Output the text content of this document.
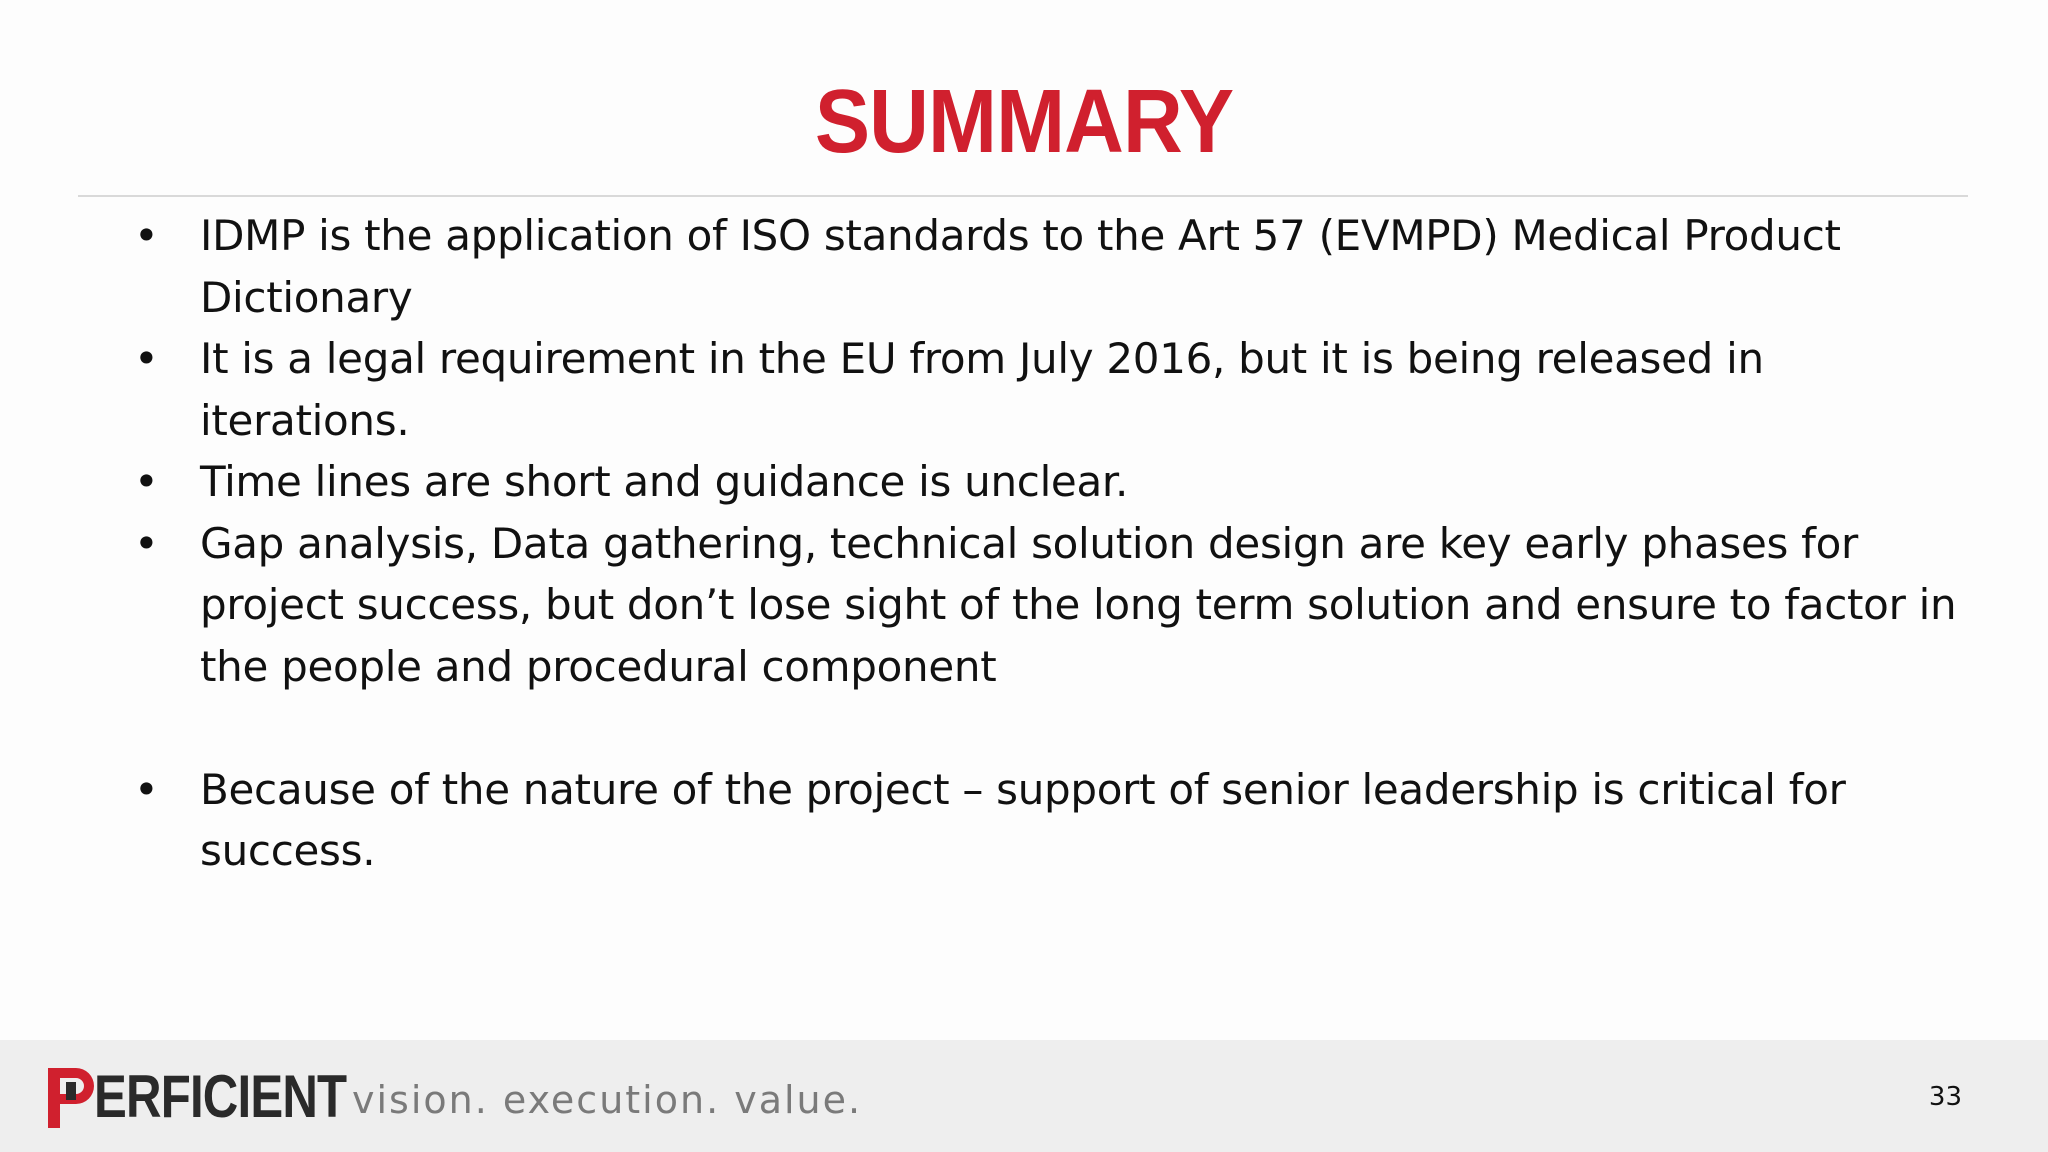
SUMMARY
• IDMP is the application of ISO standards to the Art 57 (EVMPD) Medical Product Dictionary
• It is a legal requirement in the EU from July 2016, but it is being released in iterations.
• Time lines are short and guidance is unclear.
• Gap analysis, Data gathering, technical solution design are key early phases for project success, but don’t lose sight of the long term solution and ensure to factor in the people and procedural component
• Because of the nature of the project – support of senior leadership is critical for success.
ERFICIENT vision. execution. value.	33
